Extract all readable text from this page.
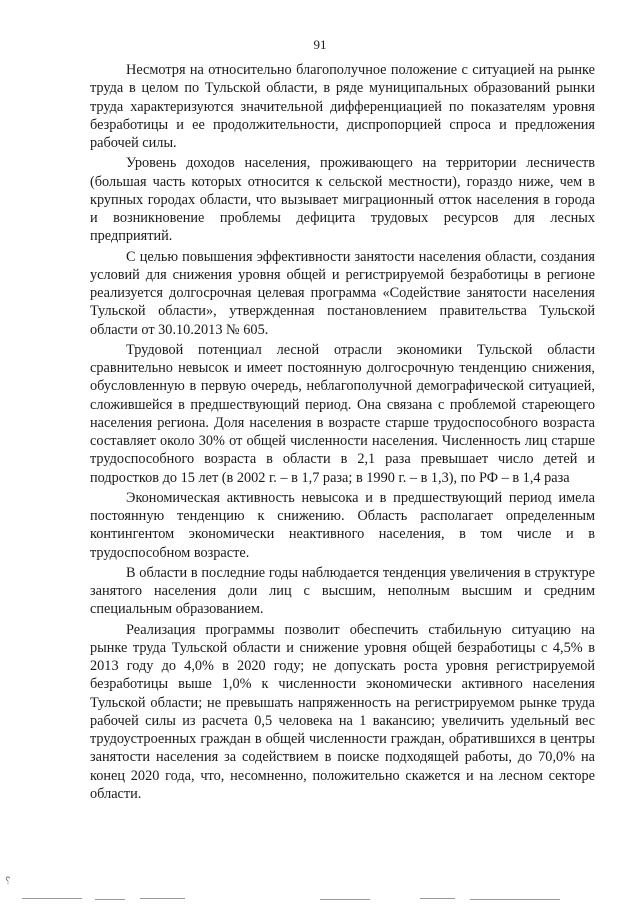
91

Несмотря на относительно благополучное положение с ситуацией на рынке труда в целом по Тульской области, в ряде муниципальных образований рынки труда характеризуются значительной дифференциацией по показателям уровня безработицы и ее продолжительности, диспропорцией спроса и предложения рабочей силы.

Уровень доходов населения, проживающего на территории лесничеств (большая часть которых относится к сельской местности), гораздо ниже, чем в крупных городах области, что вызывает миграционный отток населения в города и возникновение проблемы дефицита трудовых ресурсов для лесных предприятий.

С целью повышения эффективности занятости населения области, создания условий для снижения уровня общей и регистрируемой безработицы в регионе реализуется долгосрочная целевая программа «Содействие занятости населения Тульской области», утвержденная постановлением правительства Тульской области от 30.10.2013 № 605.

Трудовой потенциал лесной отрасли экономики Тульской области сравнительно невысок и имеет постоянную долгосрочную тенденцию снижения, обусловленную в первую очередь, неблагополучной демографической ситуацией, сложившейся в предшествующий период. Она связана с проблемой стареющего населения региона. Доля населения в возрасте старше трудоспособного возраста составляет около 30% от общей численности населения. Численность лиц старше трудоспособного возраста в области в 2,1 раза превышает число детей и подростков до 15 лет (в 2002 г. – в 1,7 раза; в 1990 г. – в 1,3), по РФ – в 1,4 раза

Экономическая активность невысока и в предшествующий период имела постоянную тенденцию к снижению. Область располагает определенным контингентом экономически неактивного населения, в том числе и в трудоспособном возрасте.

В области в последние годы наблюдается тенденция увеличения в структуре занятого населения доли лиц с высшим, неполным высшим и средним специальным образованием.

Реализация программы позволит обеспечить стабильную ситуацию на рынке труда Тульской области и снижение уровня общей безработицы с 4,5% в 2013 году до 4,0% в 2020 году; не допускать роста уровня регистрируемой безработицы выше 1,0% к численности экономически активного населения Тульской области; не превышать напряженность на регистрируемом рынке труда рабочей силы из расчета 0,5 человека на 1 вакансию; увеличить удельный вес трудоустроенных граждан в общей численности граждан, обратившихся в центры занятости населения за содействием в поиске подходящей работы, до 70,0% на конец 2020 года, что, несомненно, положительно скажется и на лесном секторе области.

␦
